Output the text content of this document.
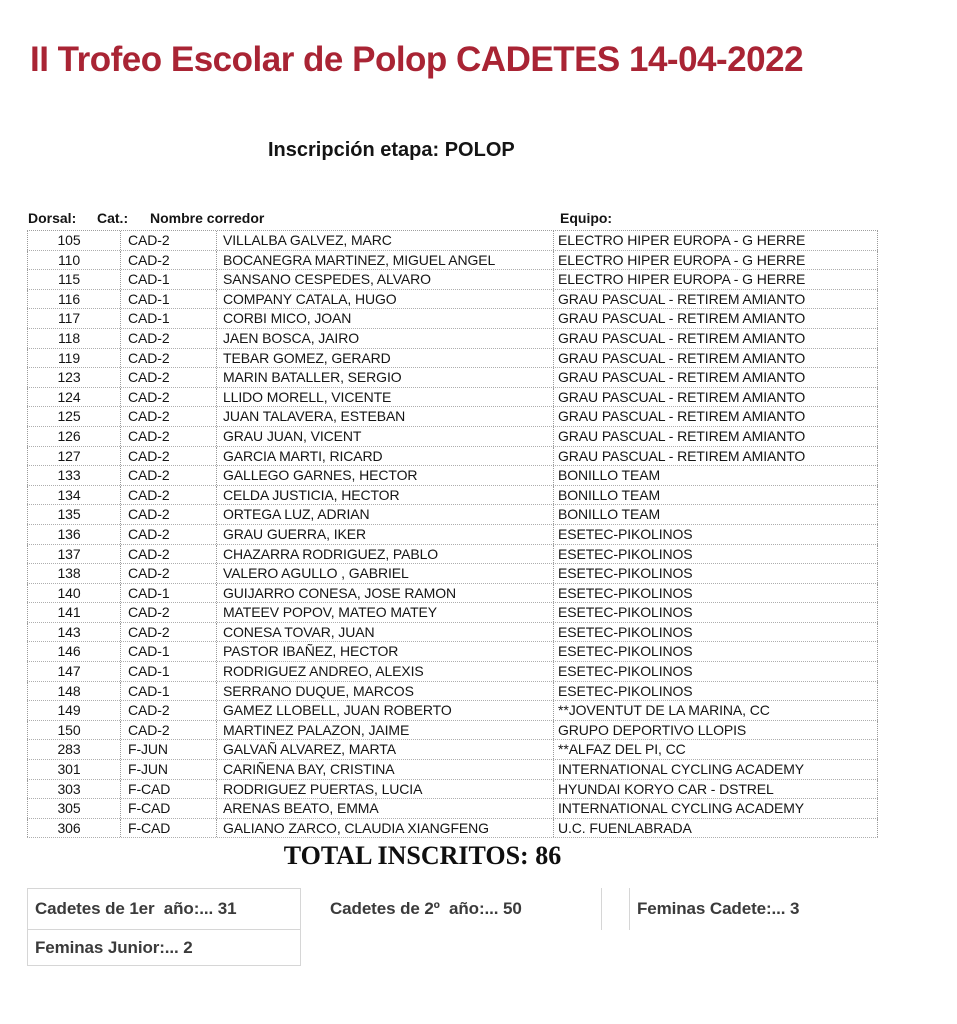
II Trofeo Escolar de Polop CADETES 14-04-2022
Inscripción etapa: POLOP
Dorsal: Cat.: Nombre corredor	Equipo:
105	CAD-2	VILLALBA GALVEZ, MARC	ELECTRO HIPER EUROPA - G HERRE
110	CAD-2	BOCANEGRA MARTINEZ, MIGUEL ANGEL	ELECTRO HIPER EUROPA - G HERRE
115	CAD-1	SANSANO CESPEDES, ALVARO	ELECTRO HIPER EUROPA - G HERRE
116	CAD-1	COMPANY CATALA, HUGO	GRAU PASCUAL - RETIREM AMIANTO
117	CAD-1	CORBI MICO, JOAN	GRAU PASCUAL - RETIREM AMIANTO
118	CAD-2	JAEN BOSCA, JAIRO	GRAU PASCUAL - RETIREM AMIANTO
119	CAD-2	TEBAR GOMEZ, GERARD	GRAU PASCUAL - RETIREM AMIANTO
123	CAD-2	MARIN BATALLER, SERGIO	GRAU PASCUAL - RETIREM AMIANTO
124	CAD-2	LLIDO MORELL, VICENTE	GRAU PASCUAL - RETIREM AMIANTO
125	CAD-2	JUAN TALAVERA, ESTEBAN	GRAU PASCUAL - RETIREM AMIANTO
126	CAD-2	GRAU JUAN, VICENT	GRAU PASCUAL - RETIREM AMIANTO
127	CAD-2	GARCIA MARTI, RICARD	GRAU PASCUAL - RETIREM AMIANTO
133	CAD-2	GALLEGO GARNES, HECTOR	BONILLO TEAM
134	CAD-2	CELDA JUSTICIA, HECTOR	BONILLO TEAM
135	CAD-2	ORTEGA LUZ, ADRIAN	BONILLO TEAM
136	CAD-2	GRAU GUERRA, IKER	ESETEC-PIKOLINOS
137	CAD-2	CHAZARRA RODRIGUEZ, PABLO	ESETEC-PIKOLINOS
138	CAD-2	VALERO AGULLO , GABRIEL	ESETEC-PIKOLINOS
140	CAD-1	GUIJARRO CONESA, JOSE RAMON	ESETEC-PIKOLINOS
141	CAD-2	MATEEV POPOV, MATEO MATEY	ESETEC-PIKOLINOS
143	CAD-2	CONESA TOVAR, JUAN	ESETEC-PIKOLINOS
146	CAD-1	PASTOR IBAÑEZ, HECTOR	ESETEC-PIKOLINOS
147	CAD-1	RODRIGUEZ ANDREO, ALEXIS	ESETEC-PIKOLINOS
148	CAD-1	SERRANO DUQUE, MARCOS	ESETEC-PIKOLINOS
149	CAD-2	GAMEZ LLOBELL, JUAN ROBERTO	**JOVENTUT DE LA MARINA, CC
150	CAD-2	MARTINEZ PALAZON, JAIME	GRUPO DEPORTIVO LLOPIS
283	F-JUN	GALVAÑ ALVAREZ, MARTA	**ALFAZ DEL PI, CC
301	F-JUN	CARIÑENA BAY, CRISTINA	INTERNATIONAL CYCLING ACADEMY
303	F-CAD	RODRIGUEZ PUERTAS, LUCIA	HYUNDAI KORYO CAR - DSTREL
305	F-CAD	ARENAS BEATO, EMMA	INTERNATIONAL CYCLING ACADEMY
306	F-CAD	GALIANO ZARCO, CLAUDIA XIANGFENG	U.C. FUENLABRADA
TOTAL INSCRITOS: 86
Cadetes de 1er  año:... 31	Cadetes de 2º  año:... 50	Feminas Cadete:... 3
Feminas Junior:... 2
